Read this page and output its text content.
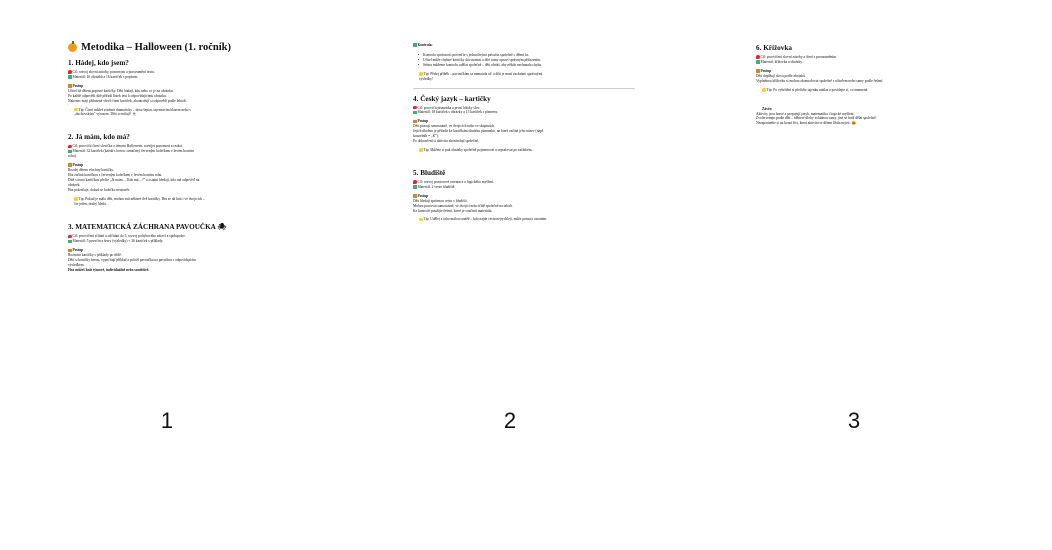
Metodika – Halloween (1. ročník)
1. Hádej, kdo jsem?
Cíl: rozvoj slovní zásoby, pozornosti a porozumění textu.
Materiál: 16 obrázků a 16 kartiček s popisem.
Postup
Učitel dá dětem popisné kartičky. Děti hádají, kdo nebo co je na obrázku.
Po každé odpovědi dítě přiřadí lístek text k odpovídajícímu obrázku.
Nakonec mají přiřazené všech čtení kartiček, zkontrolují si odpovědi podle lektoři.
Tip: Čtení můžeš ztvárnit dramaticky – dosu šeptat, tajemstvím hlasem nebo s
„duchovským" výrazem. Děti to milují! 👻
2. Já mám, kdo má?
Cíl: procvičit čtení slovíčka o tématu Halloween, rozvíjet pozornost a reakci.
Materiál: 32 kartiček (každá s horou: označený červeným kolečkem v levém horním
rohu).
Postup
Rozdej dětem všechny kartičky.
Hra začíná kartičkou s červeným kolečkem v levém horním rohu.
Dítě s touto kartičkou přečte „Já mám… Kdo má…?" a ostatní hledají, kdo má odpověď na
obrázek.
Hra pokračuje, dokud se kolečko neuzavře.
Tip: Pokud je málo dětí, mohou mít některé dvě kartičky. Hra se dá hrát i ve dvojicích –
čte jeden, druhý hledá.
3. MATEMATICKÁ ZÁCHRANA PAVOUČKA 🕷
Cíl: procvičení sčítání a odčítání do 5, rozvoj pohybového zdraví a spolupráce.
Materiál: 5 pavučin a šesty (výsledky) + 36 kartiček s příklady.
Postup
Rozmísti kartičky s příklady po třídě.
Děti si kartičky berou, vypočítají příklad a položí pavoučka na pavučinu s odpovídajícím
výsledkem.
Hra můžeš hrát týmově, individuálně nebo soutěživě.
Kontrola:
• Kontrola správnosti proveďte s jednotlivými pavučin společně s dětmi ks.
• Učitel může chybné kartičky dát stranou a dítě samy opraví správným přiřazením.
• Sebou můžeme kontrolu udělat společně – děti obrátí, aby někdo nechanala chyba.
Tip: Přidej příběh – pavoučkům se namotala síť a děti je musí zachránit správnými
výsledky!
4. Český jazyk – kartičky
Cíl: procvičit písmenka a první hlásky slov.
Materiál: 18 kartiček s obrázky a 15 kartiček s písmeny.
Postup
Děti pracují samostatně, ve dvojicích nebo ve skupinách.
Jejich úkolem je přiřadit ke kartičkám obrázku písmenko, na které začíná jeho název (např.
kouzelník = „K").
Po dokončení si aktivitu zkontrolují společně.
Tip: Můžete si pak obrázky společně pojmenovat a sepsalovat po začátkém.
5. Bludiště
Cíl: rozvoj prostorové orientace a logického myšlení.
Materiál: 2 verze bludiště.
Postup
Děti hledají správnou cestu v bludišti.
Mohou pracovat samostatně, ve dvojicí nebo třídě společně na tabuli.
Ke kontrole použijte řešení, které je součástí materiálu.
Tip: Udělej z toho malou soutěž – kdo najde cestu nejrychleji, může pomoct ostatním.
6. Křížovka
Cíl: procvičení slovní zásoby a čtení s porozuměním.
Materiál: křížovka a obrázky.
Postup
Děti doplňují slova podle obrázků.
Vyplněnou křížovku si mohou zkontrolovat společně s učitelem nebo samy podle řešení.
Tip: Po vyluštění si přečtěte tajenku nahlas a povídejte si, co znamená.
Závěr:
Aktivity jsou hravé a propojují jazyk, matematiku i logické myšlení.
Zvolte tempo podle dětí – některé úlohy zvládnou samy, jiné se hodí dělat společně.
Nezapomeňte si na konci říct, která aktivita se dětem líbila nejvíc. 🎃
1	2	3
